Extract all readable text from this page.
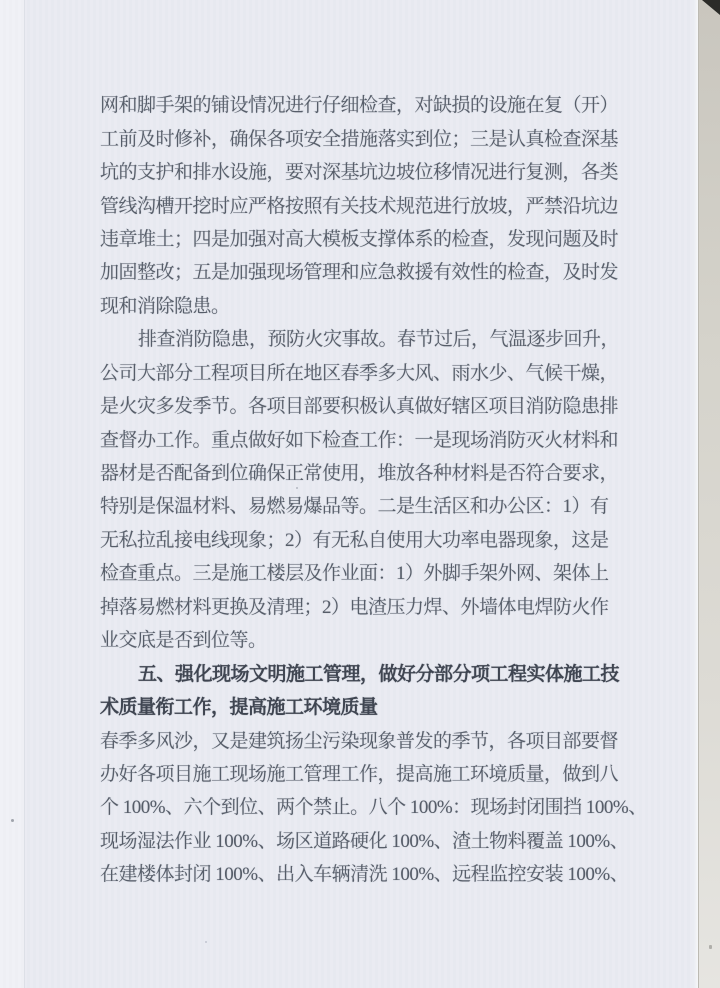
网和脚手架的铺设情况进行仔细检查，对缺损的设施在复（开）
工前及时修补，确保各项安全措施落实到位；三是认真检查深基
坑的支护和排水设施，要对深基坑边坡位移情况进行复测，各类
管线沟槽开挖时应严格按照有关技术规范进行放坡，严禁沿坑边
违章堆土；四是加强对高大模板支撑体系的检查，发现问题及时
加固整改；五是加强现场管理和应急救援有效性的检查，及时发
现和消除隐患。
排查消防隐患，预防火灾事故。春节过后，气温逐步回升，
公司大部分工程项目所在地区春季多大风、雨水少、气候干燥，
是火灾多发季节。各项目部要积极认真做好辖区项目消防隐患排
查督办工作。重点做好如下检查工作：一是现场消防灭火材料和
器材是否配备到位确保正常使用，堆放各种材料是否符合要求，
特别是保温材料、易燃易爆品等。二是生活区和办公区：1）有
无私拉乱接电线现象；2）有无私自使用大功率电器现象，这是
检查重点。三是施工楼层及作业面：1）外脚手架外网、架体上
掉落易燃材料更换及清理；2）电渣压力焊、外墙体电焊防火作
业交底是否到位等。
五、强化现场文明施工管理，做好分部分项工程实体施工技
术质量衔工作，提高施工环境质量
春季多风沙，又是建筑扬尘污染现象普发的季节，各项目部要督
办好各项目施工现场施工管理工作，提高施工环境质量，做到八
个 100%、六个到位、两个禁止。八个 100%：现场封闭围挡 100%、
现场湿法作业 100%、场区道路硬化 100%、渣土物料覆盖 100%、
在建楼体封闭 100%、出入车辆清洗 100%、远程监控安装 100%、
